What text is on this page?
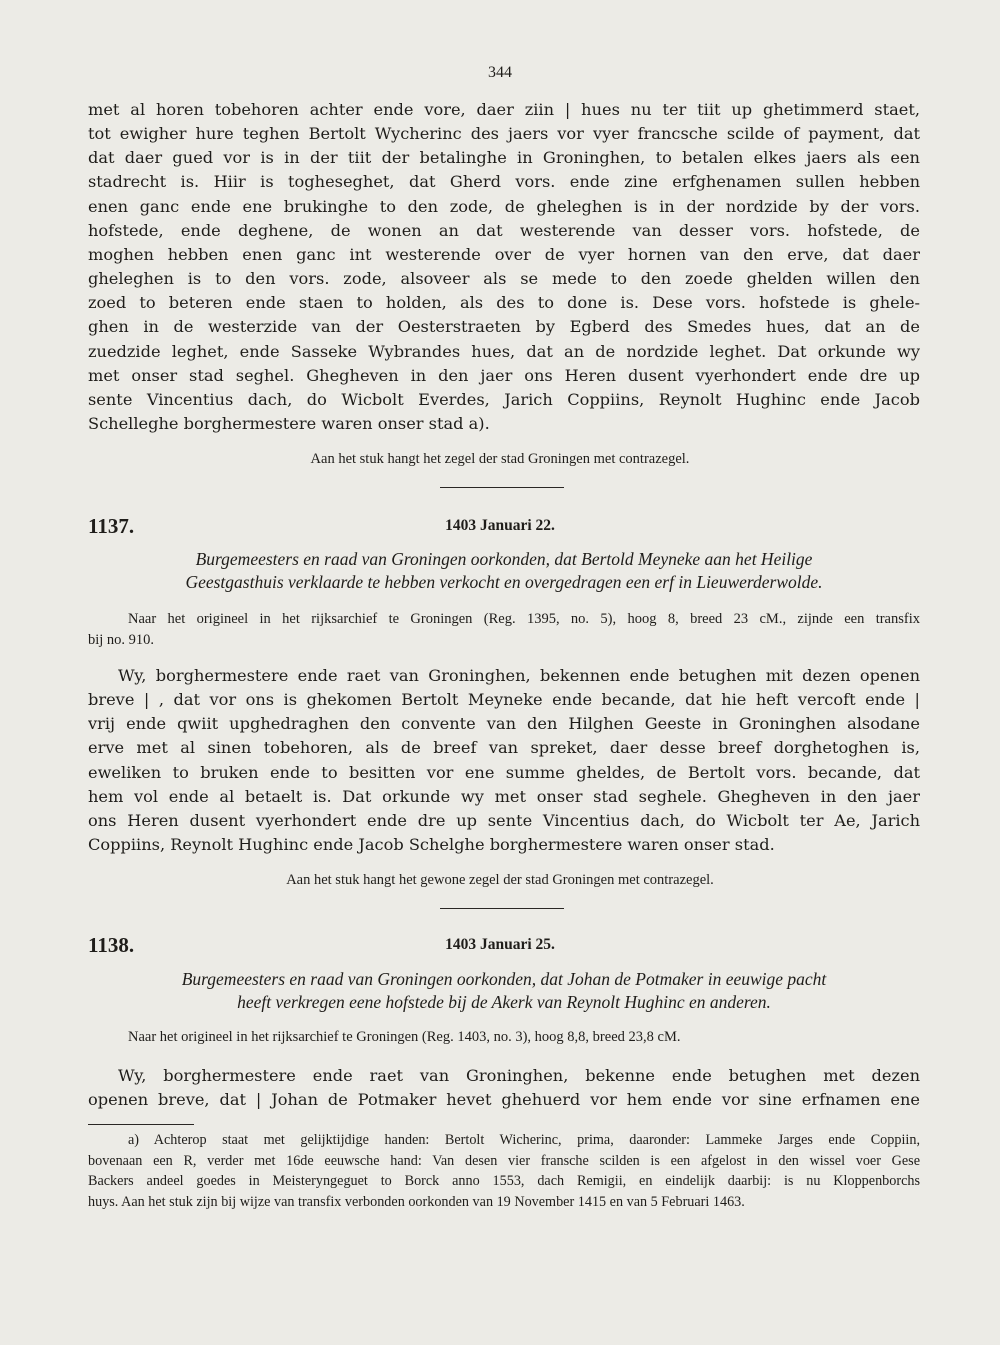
344
met al horen tobehoren achter ende vore, daer ziin | hues nu ter tiit up ghetimmerd staet,
tot ewigher hure teghen Bertolt Wycherinc des jaers vor vyer francsche scilde of payment, dat
dat daer gued vor is in der tiit der betalinghe in Groninghen, to betalen elkes jaers als een
stadrecht is. Hiir is togheseghet, dat Gherd vors. ende zine erfghenamen sullen hebben
enen ganc ende ene brukinghe to den zode, de gheleghen is in der nordzide by der vors.
hofstede, ende deghene, de wonen an dat westerende van desser vors. hofstede, de
moghen hebben enen ganc int westerende over de vyer hornen van den erve, dat daer
gheleghen is to den vors. zode, alsoveer als se mede to den zoede ghelden willen den
zoed to beteren ende staen to holden, als des to done is. Dese vors. hofstede is ghele-
ghen in de westerzide van der Oesterstraeten by Egberd des Smedes hues, dat an de
zuedzide leghet, ende Sasseke Wybrandes hues, dat an de nordzide leghet. Dat orkunde wy
met onser stad seghel. Ghegheven in den jaer ons Heren dusent vyerhondert ende dre up
sente Vincentius dach, do Wicbolt Everdes, Jarich Coppiins, Reynolt Hughinc ende Jacob
Schelleghe borghermestere waren onser stad a).
Aan het stuk hangt het zegel der stad Groningen met contrazegel.
1137.	1403 Januari 22.
Burgemeesters en raad van Groningen oorkonden, dat Bertold Meyneke aan het Heilige
Geestgasthuis verklaarde te hebben verkocht en overgedragen een erf in Lieuwerderwolde.
Naar het origineel in het rijksarchief te Groningen (Reg. 1395, no. 5), hoog 8, breed 23 cM., zijnde een transfix
bij no. 910.
Wy, borghermestere ende raet van Groninghen, bekennen ende betughen mit dezen openen
breve | , dat vor ons is ghekomen Bertolt Meyneke ende becande, dat hie heft vercoft ende |
vrij ende qwiit upghedraghen den convente van den Hilghen Geeste in Groninghen alsodane
erve met al sinen tobehoren, als de breef van spreket, daer desse breef dorghetoghen is,
eweliken to bruken ende to besitten vor ene summe gheldes, de Bertolt vors. becande, dat
hem vol ende al betaelt is. Dat orkunde wy met onser stad seghele. Ghegheven in den jaer
ons Heren dusent vyerhondert ende dre up sente Vincentius dach, do Wicbolt ter Ae, Jarich
Coppiins, Reynolt Hughinc ende Jacob Schelghe borghermestere waren onser stad.
Aan het stuk hangt het gewone zegel der stad Groningen met contrazegel.
1138.	1403 Januari 25.
Burgemeesters en raad van Groningen oorkonden, dat Johan de Potmaker in eeuwige pacht
heeft verkregen eene hofstede bij de Akerk van Reynolt Hughinc en anderen.
Naar het origineel in het rijksarchief te Groningen (Reg. 1403, no. 3), hoog 8,8, breed 23,8 cM.
Wy, borghermestere ende raet van Groninghen, bekenne ende betughen met dezen
openen breve, dat | Johan de Potmaker hevet ghehuerd vor hem ende vor sine erfnamen ene
a) Achterop staat met gelijktijdige handen: Bertolt Wicherinc, prima, daaronder: Lammeke Jarges ende Coppiin,
bovenaan een R, verder met 16de eeuwsche hand: Van desen vier fransche scilden is een afgelost in den wissel voer Gese
Backers andeel goedes in Meisteryngeguet to Borck anno 1553, dach Remigii, en eindelijk daarbij: is nu Kloppenborchs
huys. Aan het stuk zijn bij wijze van transfix verbonden oorkonden van 19 November 1415 en van 5 Februari 1463.
